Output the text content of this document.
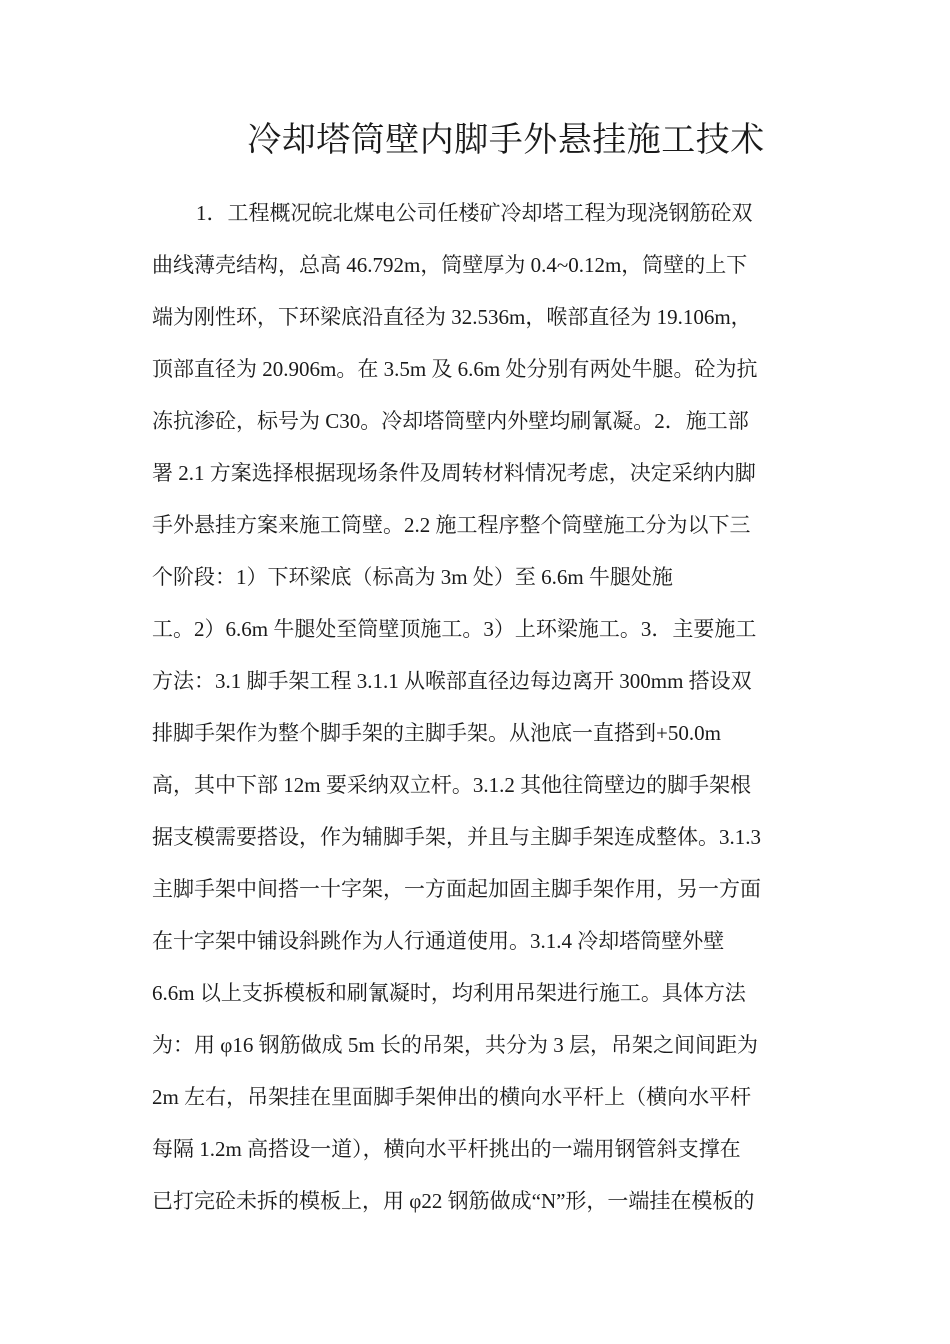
冷却塔筒壁内脚手外悬挂施工技术
1．工程概况皖北煤电公司任楼矿冷却塔工程为现浇钢筋砼双
曲线薄壳结构，总高 46.792m，筒壁厚为 0.4~0.12m，筒壁的上下
端为刚性环，下环梁底沿直径为 32.536m，喉部直径为 19.106m，
顶部直径为 20.906m。在 3.5m 及 6.6m 处分别有两处牛腿。砼为抗
冻抗渗砼，标号为 C30。冷却塔筒壁内外壁均刷氰凝。2．施工部
署 2.1 方案选择根据现场条件及周转材料情况考虑，决定采纳内脚
手外悬挂方案来施工筒壁。2.2 施工程序整个筒壁施工分为以下三
个阶段：1）下环梁底（标高为 3m 处）至 6.6m 牛腿处施
工。2）6.6m 牛腿处至筒壁顶施工。3）上环梁施工。3．主要施工
方法：3.1 脚手架工程 3.1.1 从喉部直径边每边离开 300mm 搭设双
排脚手架作为整个脚手架的主脚手架。从池底一直搭到+50.0m
高，其中下部 12m 要采纳双立杆。3.1.2 其他往筒壁边的脚手架根
据支模需要搭设，作为辅脚手架，并且与主脚手架连成整体。3.1.3
主脚手架中间搭一十字架，一方面起加固主脚手架作用，另一方面
在十字架中铺设斜跳作为人行通道使用。3.1.4 冷却塔筒壁外壁
6.6m 以上支拆模板和刷氰凝时，均利用吊架进行施工。具体方法
为：用 φ16 钢筋做成 5m 长的吊架，共分为 3 层，吊架之间间距为
2m 左右，吊架挂在里面脚手架伸出的横向水平杆上（横向水平杆
每隔 1.2m 高搭设一道），横向水平杆挑出的一端用钢管斜支撑在
已打完砼未拆的模板上，用 φ22 钢筋做成“N”形，一端挂在模板的
